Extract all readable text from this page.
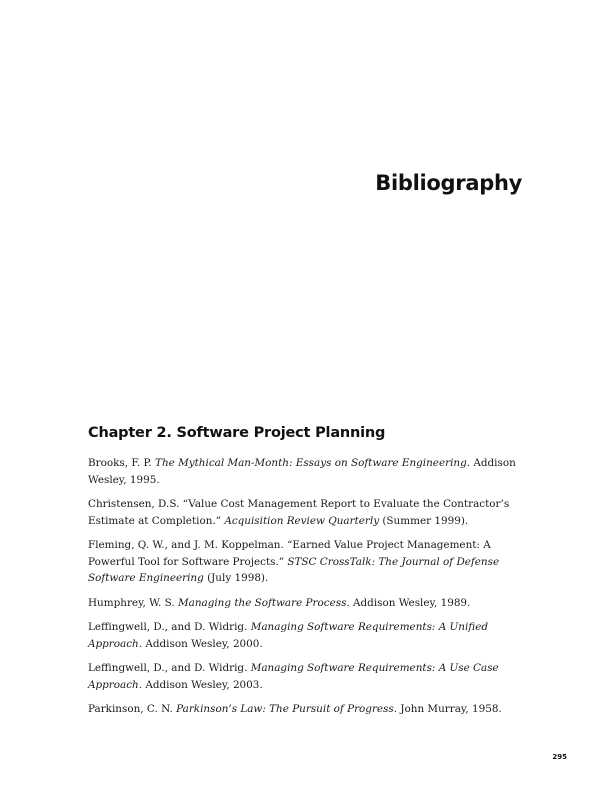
Bibliography
Chapter 2. Software Project Planning

Brooks, F. P. The Mythical Man-Month: Essays on Software Engineering. Addison Wesley, 1995.

Christensen, D.S. “Value Cost Management Report to Evaluate the Contractor’s Estimate at Completion.” Acquisition Review Quarterly (Summer 1999).

Fleming, Q. W., and J. M. Koppelman. “Earned Value Project Management: A Powerful Tool for Software Projects.” STSC CrossTalk: The Journal of Defense Software Engineering (July 1998).

Humphrey, W. S. Managing the Software Process. Addison Wesley, 1989.

Leffingwell, D., and D. Widrig. Managing Software Requirements: A Unified Approach. Addison Wesley, 2000.

Leffingwell, D., and D. Widrig. Managing Software Requirements: A Use Case Approach. Addison Wesley, 2003.

Parkinson, C. N. Parkinson’s Law: The Pursuit of Progress. John Murray, 1958.

295
